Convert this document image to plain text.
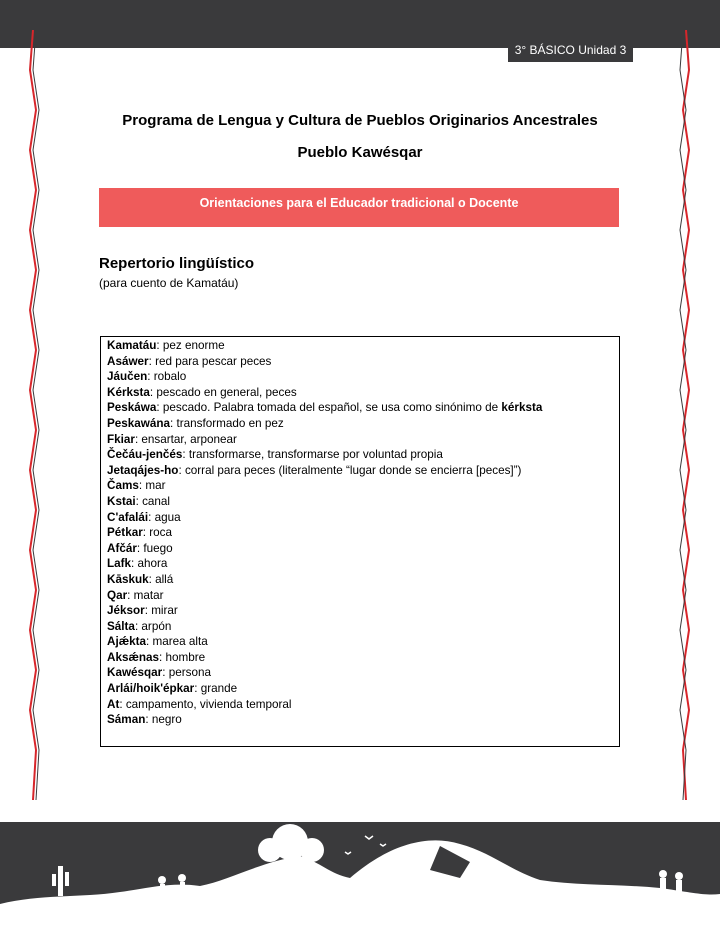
3° BÁSICO Unidad 3
Programa de Lengua y Cultura de Pueblos Originarios Ancestrales
Pueblo Kawésqar
Orientaciones para el Educador tradicional o Docente
Repertorio lingüístico
(para cuento de Kamatáu)
Kamatáu: pez enorme
Asáwer: red para pescar peces
Jáučen: robalo
Kérksta: pescado en general, peces
Peskáwa: pescado. Palabra tomada del español, se usa como sinónimo de kérksta
Peskawána: transformado en pez
Fkiar: ensartar, arponear
Čečáu-jenčés: transformarse, transformarse por voluntad propia
Jetaqájes-ho: corral para peces (literalmente “lugar donde se encierra [peces]”)
Čams: mar
Kstai: canal
C'afalái: agua
Pétkar: roca
Afčár: fuego
Lafk: ahora
Kāskuk: allá
Qar: matar
Jéksor: mirar
Sálta: arpón
Ajǽkta: marea alta
Aksǽnas: hombre
Kawésqar: persona
Arlái/hoik'épkar: grande
At: campamento, vivienda temporal
Sáman: negro
